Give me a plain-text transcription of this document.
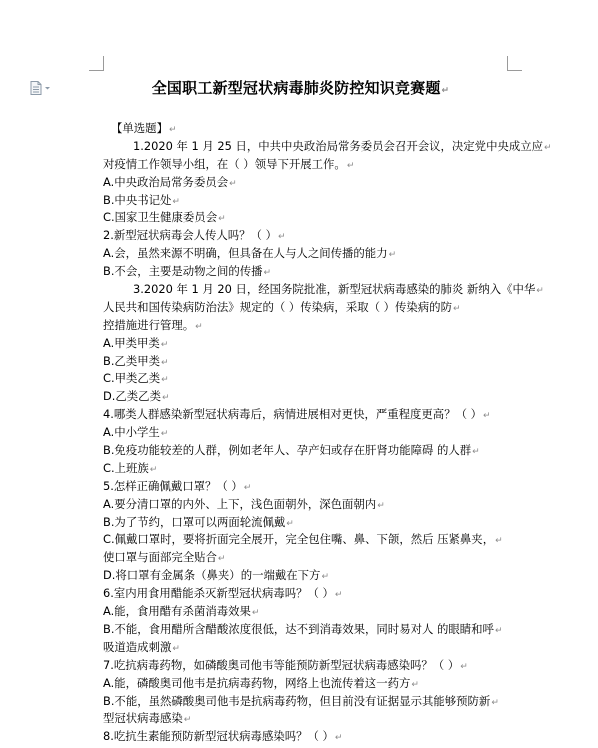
全国职工新型冠状病毒肺炎防控知识竞赛题 ↵
【单选题】 ↵
1.2020 年 1 月 25 日，中共中央政治局常务委员会召开会议，决定党中央成立应 ↵
对疫情工作领导小组，在（ ）领导下开展工作。 ↵
A.中央政治局常务委员会 ↵
B.中央书记处 ↵
C.国家卫生健康委员会 ↵
2.新型冠状病毒会人传人吗？（ ） ↵
A.会，虽然来源不明确，但具备在人与人之间传播的能力 ↵
B.不会，主要是动物之间的传播 ↵
3.2020 年 1 月 20 日，经国务院批准，新型冠状病毒感染的肺炎 新纳入《中华 ↵
人民共和国传染病防治法》规定的（ ）传染病，采取（ ）传染病的防 ↵
控措施进行管理。 ↵
A.甲类甲类 ↵
B.乙类甲类 ↵
C.甲类乙类 ↵
D.乙类乙类 ↵
4.哪类人群感染新型冠状病毒后，病情进展相对更快，严重程度更高？（ ） ↵
A.中小学生 ↵
B.免疫功能较差的人群，例如老年人、孕产妇或存在肝肾功能障碍 的人群 ↵
C.上班族 ↵
5.怎样正确佩戴口罩？（ ） ↵
A.要分清口罩的内外、上下，浅色面朝外，深色面朝内 ↵
B.为了节约，口罩可以两面轮流佩戴 ↵
C.佩戴口罩时，要将折面完全展开，完全包住嘴、鼻、下颌，然后 压紧鼻夹， ↵
使口罩与面部完全贴合 ↵
D.将口罩有金属条（鼻夹）的一端戴在下方 ↵
6.室内用食用醋能杀灭新型冠状病毒吗？（ ） ↵
A.能，食用醋有杀菌消毒效果 ↵
B.不能，食用醋所含醋酸浓度很低，达不到消毒效果，同时易对人 的眼睛和呼 ↵
吸道造成刺激 ↵
7.吃抗病毒药物，如磷酸奥司他韦等能预防新型冠状病毒感染吗？（ ） ↵
A.能，磷酸奥司他韦是抗病毒药物，网络上也流传着这一药方 ↵
B.不能，虽然磷酸奥司他韦是抗病毒药物，但目前没有证据显示其能够预防新 ↵
型冠状病毒感染 ↵
8.吃抗生素能预防新型冠状病毒感染吗？（ ） ↵
